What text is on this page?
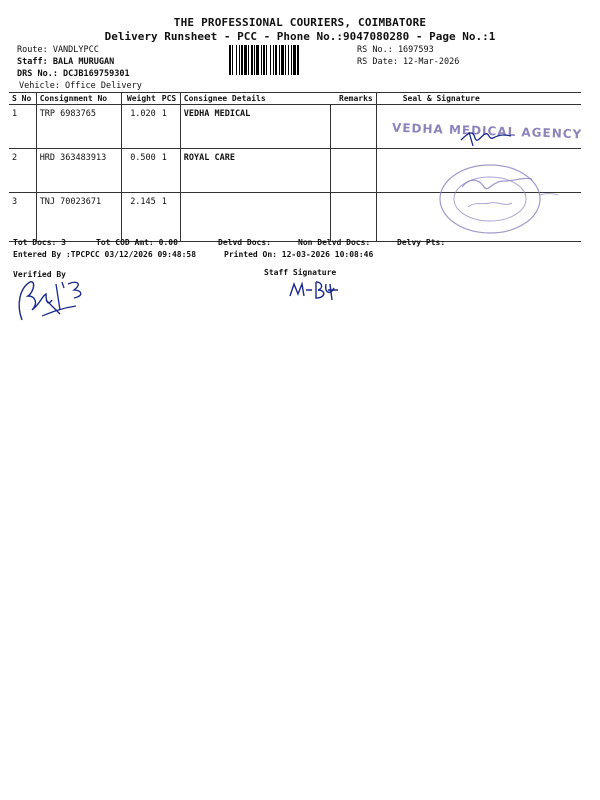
THE PROFESSIONAL COURIERS, COIMBATORE
Delivery Runsheet - PCC - Phone No.:9047080280 - Page No.:1
Route: VANDLYPCC
Staff: BALA MURUGAN
DRS No.: DCJB169759301
Vehicle: Office Delivery
RS No.: 1697593
RS Date: 12-Mar-2026
S No	Consignment No	Weight	PCS	Consignee Details	Remarks	Seal & Signature
1	TRP 6983765	1.020	1	VEDHA MEDICAL		
2	HRD 363483913	0.500	1	ROYAL CARE		
3	TNJ 70023671	2.145	1			
VEDHA MEDICAL AGENCY
Tot Docs: 3	Tot COD Amt: 0.00	Delvd Docs:	Non Delvd Docs:	Delvy Pts:
Entered By :TPCPCC 03/12/2026 09:48:58	Printed On: 12-03-2026 10:08:46
Verified By	Staff Signature
